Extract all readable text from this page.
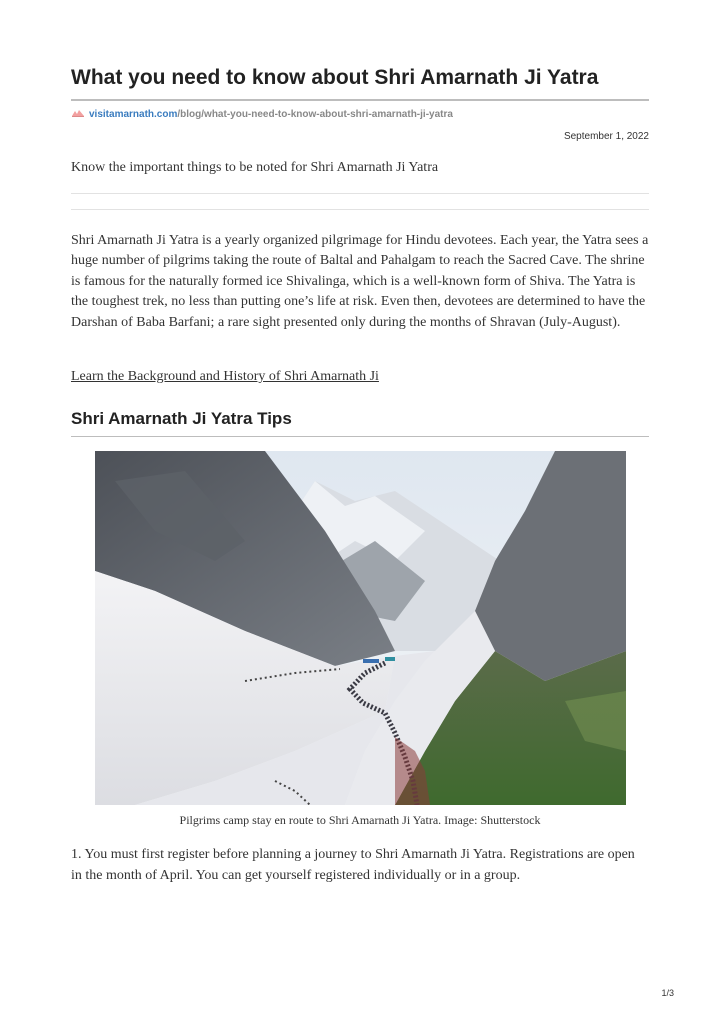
What you need to know about Shri Amarnath Ji Yatra
visitamarnath.com/blog/what-you-need-to-know-about-shri-amarnath-ji-yatra
September 1, 2022
Know the important things to be noted for Shri Amarnath Ji Yatra

Shri Amarnath Ji Yatra is a yearly organized pilgrimage for Hindu devotees. Each year, the Yatra sees a huge number of pilgrims taking the route of Baltal and Pahalgam to reach the Sacred Cave. The shrine is famous for the naturally formed ice Shivalinga, which is a well-known form of Shiva. The Yatra is the toughest trek, no less than putting one’s life at risk. Even then, devotees are determined to have the Darshan of Baba Barfani; a rare sight presented only during the months of Shravan (July-August).

Learn the Background and History of Shri Amarnath Ji
Shri Amarnath Ji Yatra Tips
Pilgrims camp stay en route to Shri Amarnath Ji Yatra. Image: Shutterstock

1. You must first register before planning a journey to Shri Amarnath Ji Yatra. Registrations are open in the month of April. You can get yourself registered individually or in a group.

1/3
